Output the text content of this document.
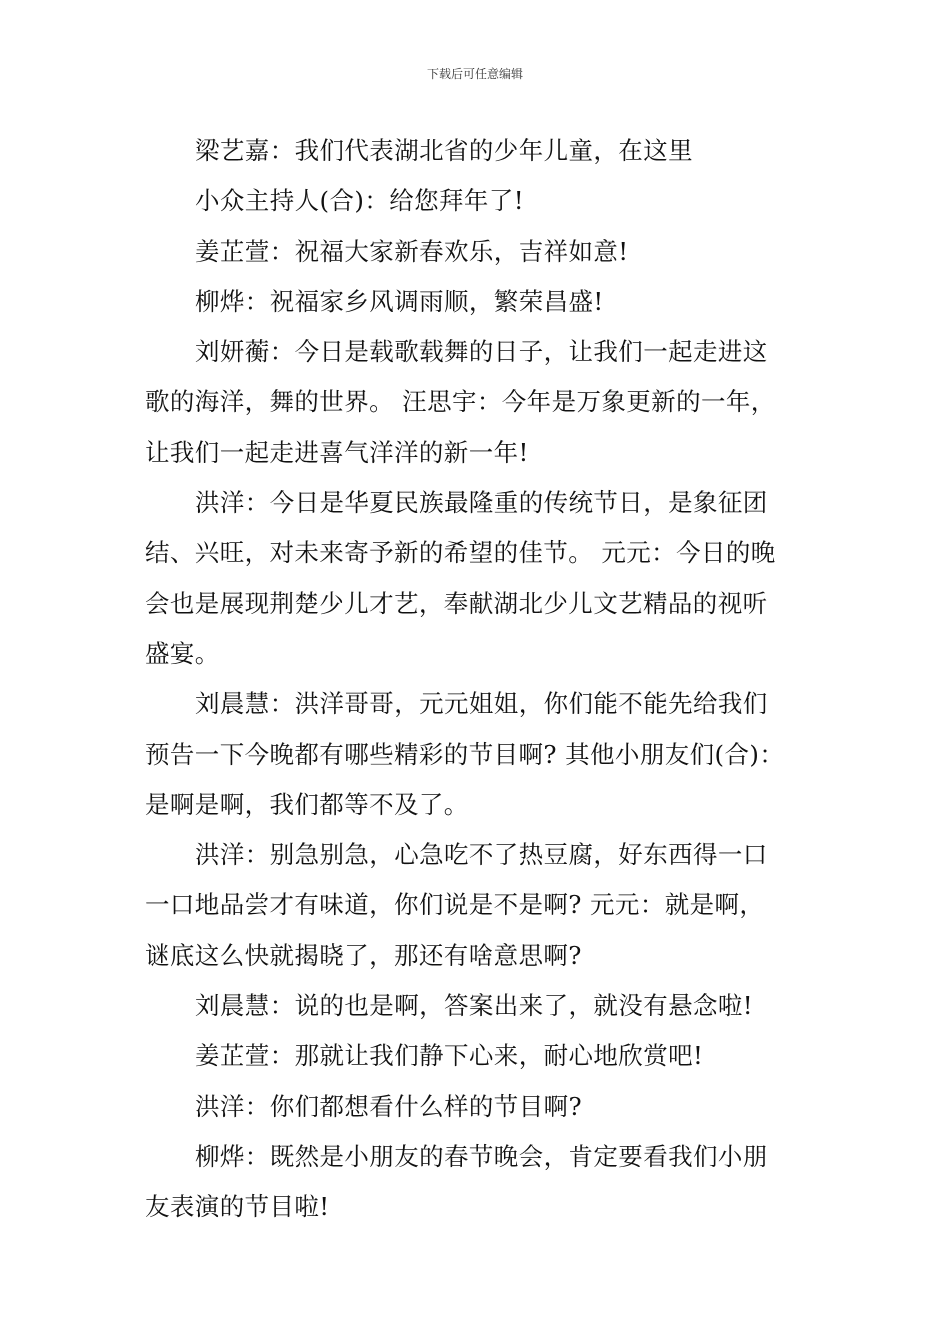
下载后可任意编辑
梁艺嘉：我们代表湖北省的少年儿童，在这里
小众主持人(合)：给您拜年了!
姜芷萱：祝福大家新春欢乐，吉祥如意!
柳烨：祝福家乡风调雨顺，繁荣昌盛!
刘妍蘅：今日是载歌载舞的日子，让我们一起走进这
歌的海洋，舞的世界。 汪思宇：今年是万象更新的一年，
让我们一起走进喜气洋洋的新一年!
洪洋：今日是华夏民族最隆重的传统节日，是象征团
结、兴旺，对未来寄予新的希望的佳节。 元元：今日的晚
会也是展现荆楚少儿才艺，奉献湖北少儿文艺精品的视听
盛宴。
刘晨慧：洪洋哥哥，元元姐姐，你们能不能先给我们
预告一下今晚都有哪些精彩的节目啊? 其他小朋友们(合)：
是啊是啊，我们都等不及了。
洪洋：别急别急，心急吃不了热豆腐，好东西得一口
一口地品尝才有味道，你们说是不是啊? 元元：就是啊，
谜底这么快就揭晓了，那还有啥意思啊?
刘晨慧：说的也是啊，答案出来了，就没有悬念啦!
姜芷萱：那就让我们静下心来，耐心地欣赏吧!
洪洋：你们都想看什么样的节目啊?
柳烨：既然是小朋友的春节晚会，肯定要看我们小朋
友表演的节目啦!
